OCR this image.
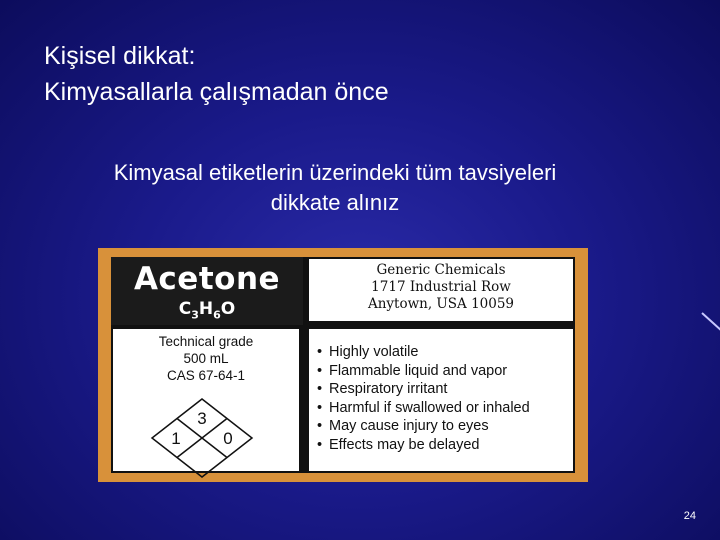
Kişisel dikkat:
Kimyasallarla çalışmadan önce
Kimyasal etiketlerin üzerindeki tüm tavsiyeleri dikkate alınız
Acetone
$C_3H_6O$
Generic Chemicals
1717 Industrial Row
Anytown, USA 10059
Technical grade
500 mL
CAS 67-64-1
3
1	0
• Highly volatile
• Flammable liquid and vapor
• Respiratory irritant
• Harmful if swallowed or inhaled
• May cause injury to eyes
• Effects may be delayed
24
